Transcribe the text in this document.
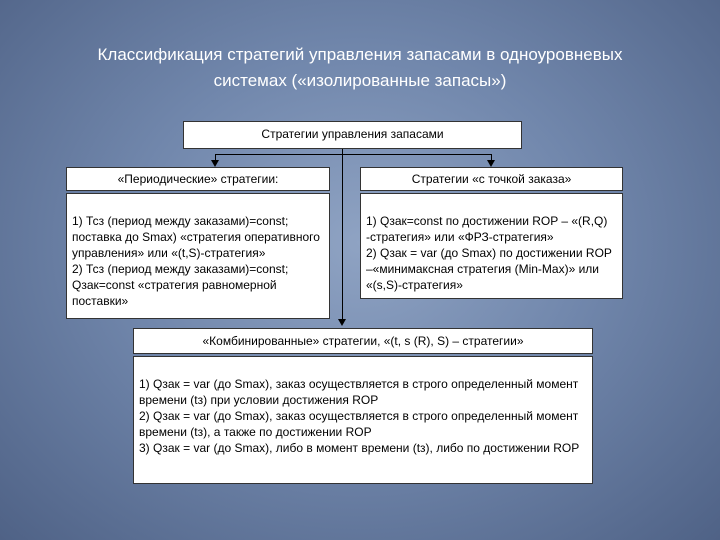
Классификация стратегий управления запасами в одноуровневых
системах («изолированные запасы»)
Стратегии управления запасами
«Периодические» стратегии:

1) Тсз (период между заказами)=const; поставка до Smax) «стратегия оперативного управления» или «(t,S)-стратегия»
2) Тсз (период между заказами)=const; Qзак=const «стратегия равномерной поставки»

Стратегии «с точкой заказа»

1) Qзак=const по достижении ROP – «(R,Q) -стратегия» или «ФРЗ-стратегия»
2) Qзак = var (до Smax) по достижении ROP –«минимаксная стратегия (Min-Max)» или «(s,S)-стратегия»

«Комбинированные» стратегии, «(t, s (R), S) – стратегии»

1) Qзак = var (до Smax), заказ осуществляется в строго определенный момент времени (tз) при условии достижения ROP
2) Qзак = var (до Smax), заказ осуществляется в строго определенный момент времени (tз), а также по достижении ROP
3) Qзак = var (до Smax), либо в момент времени (tз), либо по достижении ROP
